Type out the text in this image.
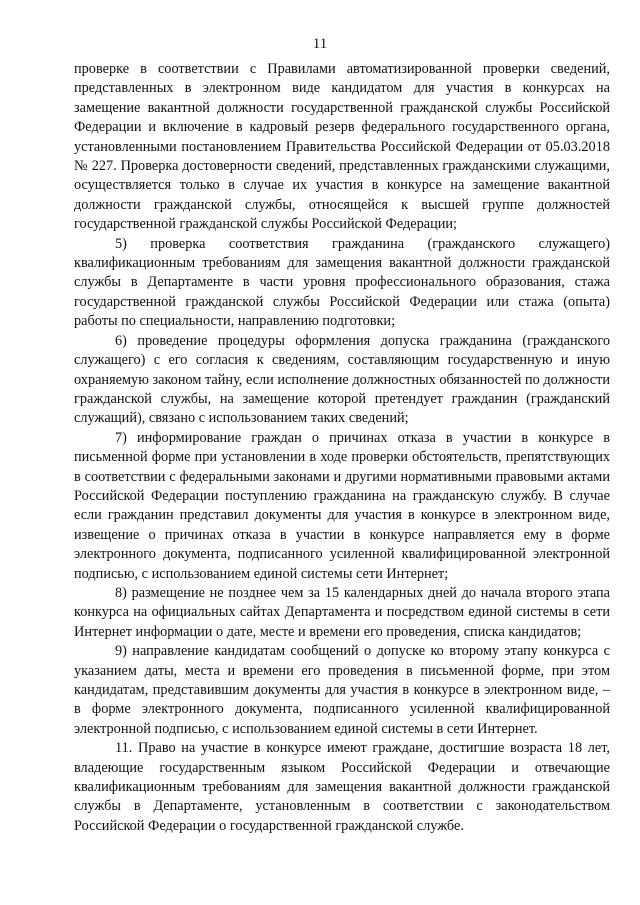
11

проверке в соответствии с Правилами автоматизированной проверки сведений, представленных в электронном виде кандидатом для участия в конкурсах на замещение вакантной должности государственной гражданской службы Российской Федерации и включение в кадровый резерв федерального государственного органа, установленными постановлением Правительства Российской Федерации от 05.03.2018 № 227. Проверка достоверности сведений, представленных гражданскими служащими, осуществляется только в случае их участия в конкурсе на замещение вакантной должности гражданской службы, относящейся к высшей группе должностей государственной гражданской службы Российской Федерации;

5) проверка соответствия гражданина (гражданского служащего) квалификационным требованиям для замещения вакантной должности гражданской службы в Департаменте в части уровня профессионального образования, стажа государственной гражданской службы Российской Федерации или стажа (опыта) работы по специальности, направлению подготовки;

6) проведение процедуры оформления допуска гражданина (гражданского служащего) с его согласия к сведениям, составляющим государственную и иную охраняемую законом тайну, если исполнение должностных обязанностей по должности гражданской службы, на замещение которой претендует гражданин (гражданский служащий), связано с использованием таких сведений;

7) информирование граждан о причинах отказа в участии в конкурсе в письменной форме при установлении в ходе проверки обстоятельств, препятствующих в соответствии с федеральными законами и другими нормативными правовыми актами Российской Федерации поступлению гражданина на гражданскую службу. В случае если гражданин представил документы для участия в конкурсе в электронном виде, извещение о причинах отказа в участии в конкурсе направляется ему в форме электронного документа, подписанного усиленной квалифицированной электронной подписью, с использованием единой системы сети Интернет;

8) размещение не позднее чем за 15 календарных дней до начала второго этапа конкурса на официальных сайтах Департамента и посредством единой системы в сети Интернет информации о дате, месте и времени его проведения, списка кандидатов;

9) направление кандидатам сообщений о допуске ко второму этапу конкурса с указанием даты, места и времени его проведения в письменной форме, при этом кандидатам, представившим документы для участия в конкурсе в электронном виде, – в форме электронного документа, подписанного усиленной квалифицированной электронной подписью, с использованием единой системы в сети Интернет.

11. Право на участие в конкурсе имеют граждане, достигшие возраста 18 лет, владеющие государственным языком Российской Федерации и отвечающие квалификационным требованиям для замещения вакантной должности гражданской службы в Департаменте, установленным в соответствии с законодательством Российской Федерации о государственной гражданской службе.
